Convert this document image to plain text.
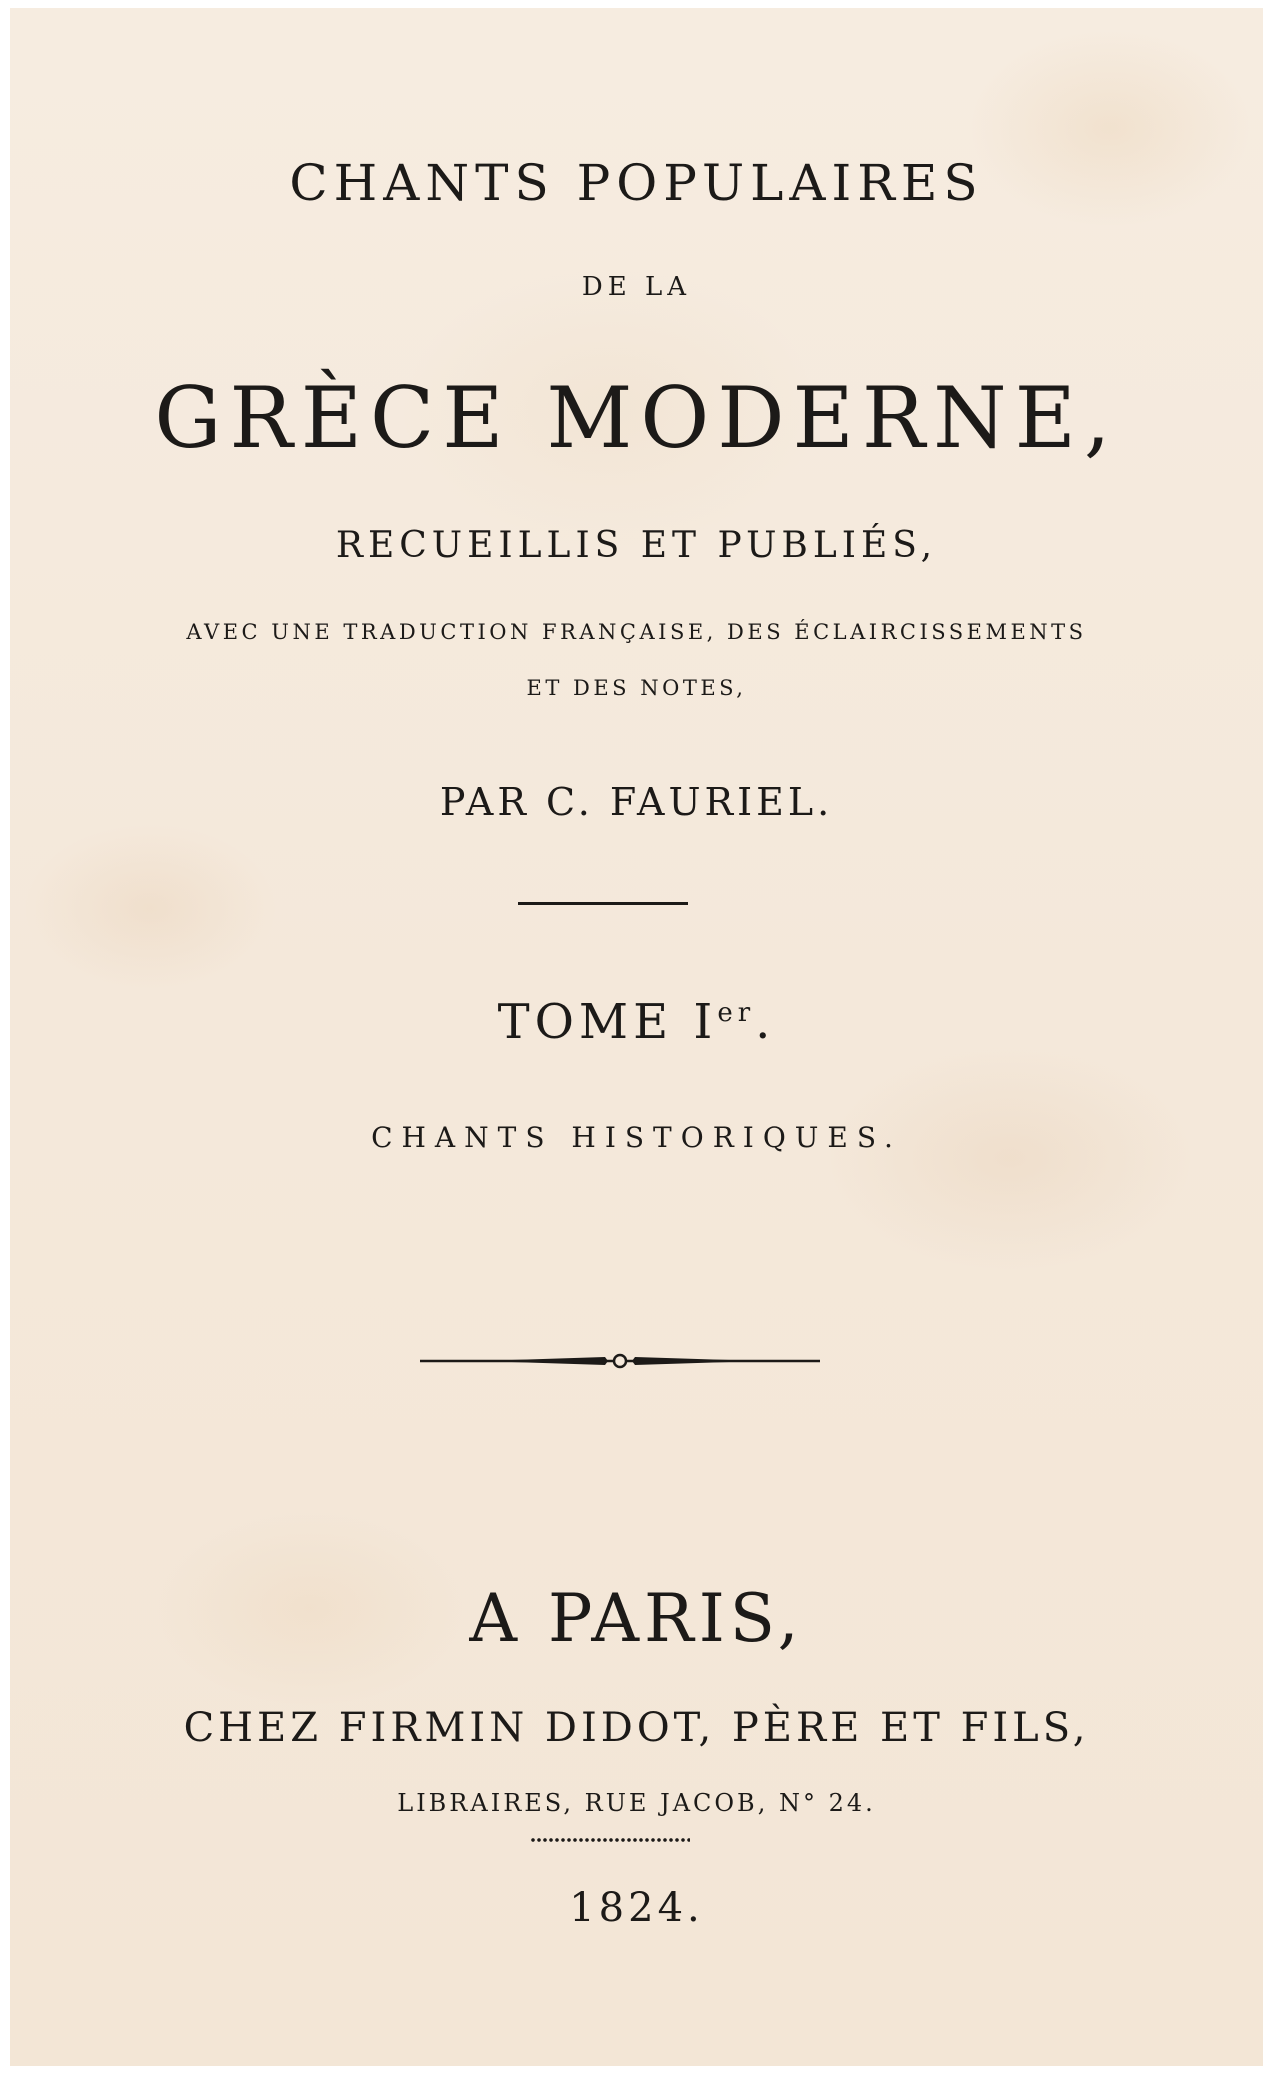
CHANTS POPULAIRES
DE LA
GRÈCE MODERNE,
RECUEILLIS ET PUBLIÉS,
AVEC UNE TRADUCTION FRANÇAISE, DES ÉCLAIRCISSEMENTS
ET DES NOTES,
PAR C. FAURIEL.
TOME Ier.
CHANTS HISTORIQUES.
A PARIS,
CHEZ FIRMIN DIDOT, PÈRE ET FILS,
LIBRAIRES, RUE JACOB, N° 24.
1824.
